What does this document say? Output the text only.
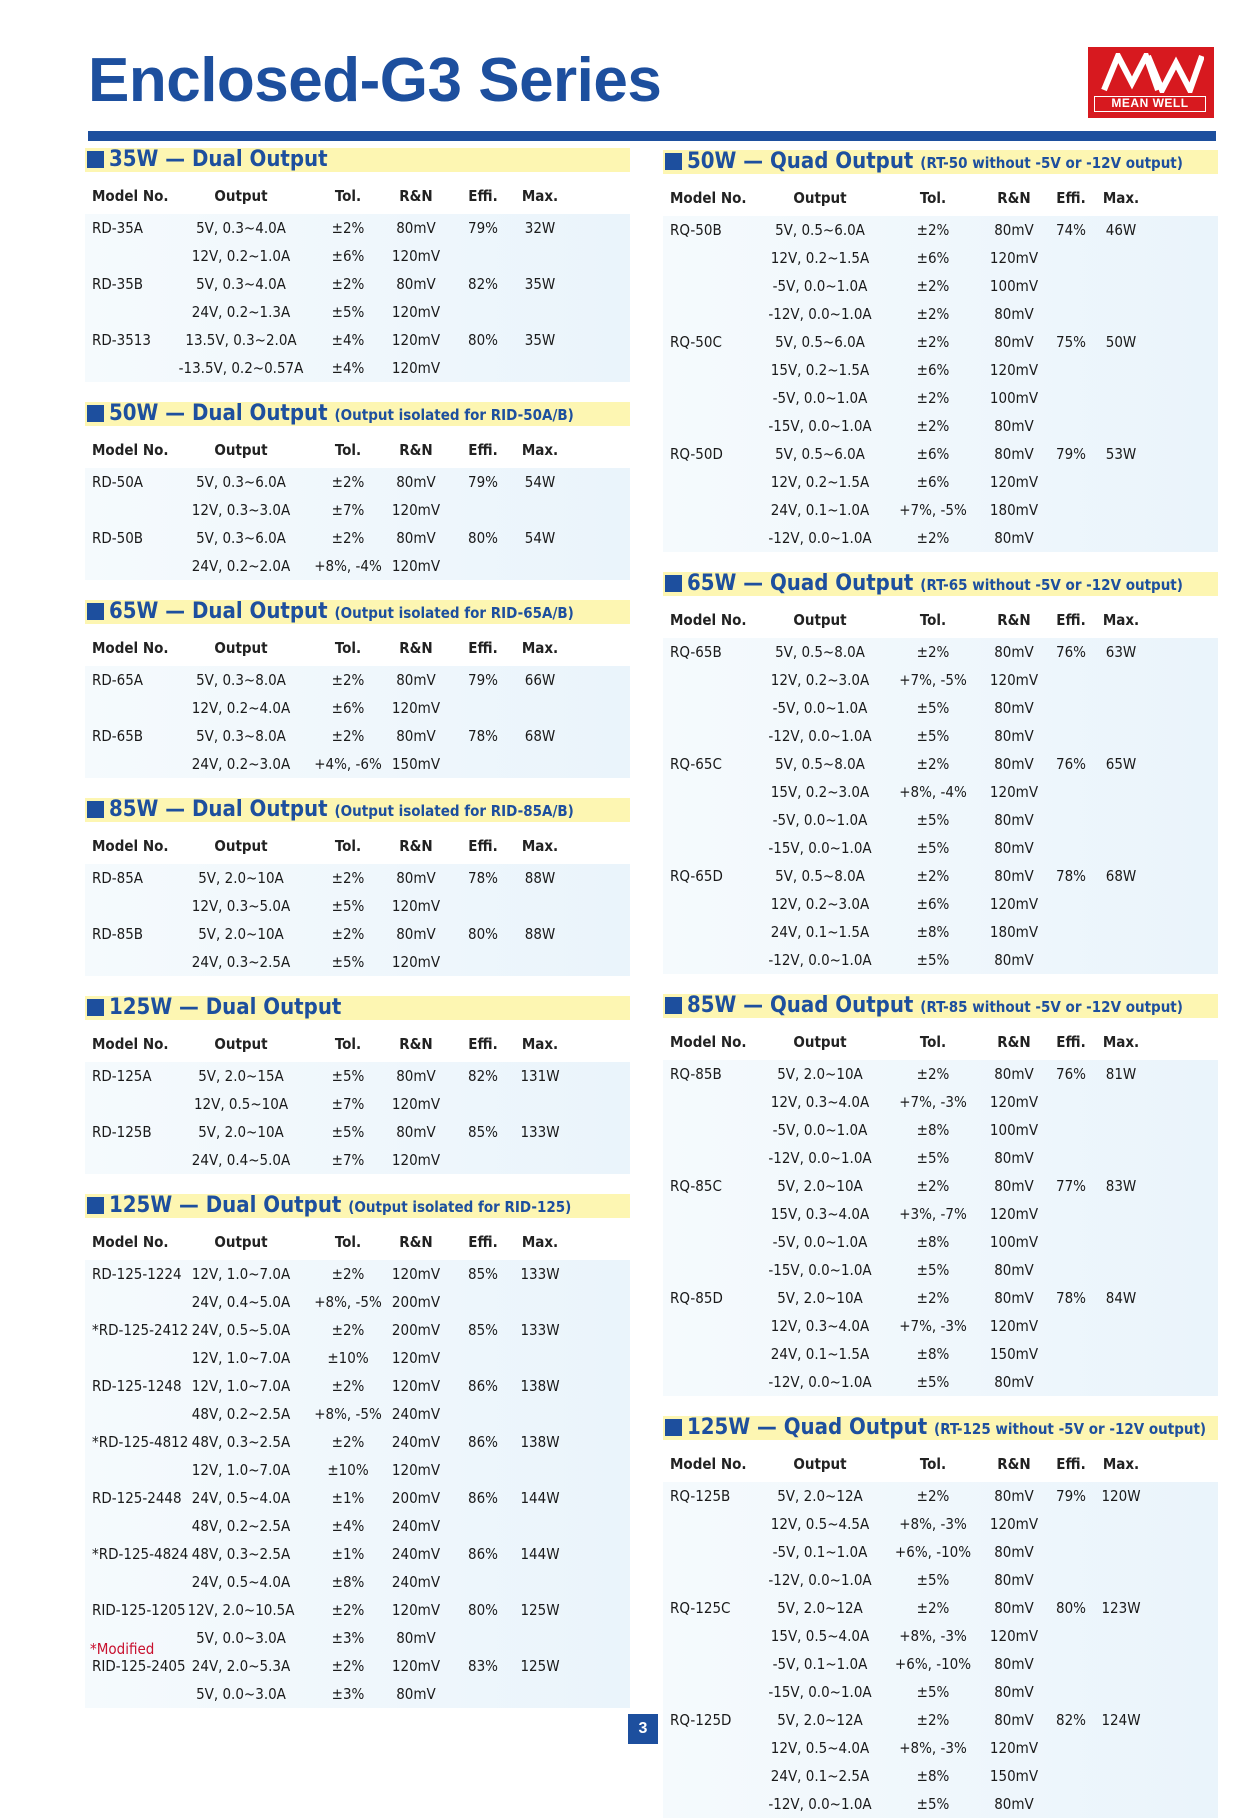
Enclosed-G3 Series	MEAN WELL
35W — Dual Output
Model No.	Output	Tol.	R&N Effi. Max.
RD-35A	5V, 0.3~4.0A	±2% 80mV 79% 32W
12V, 0.2~1.0A	±6% 120mV
RD-35B	5V, 0.3~4.0A	±2% 80mV 82% 35W
24V, 0.2~1.3A	±5% 120mV
RD-3513 13.5V, 0.3~2.0A ±4% 120mV 80% 35W
-13.5V, 0.2~0.57A ±4% 120mV
50W — Dual Output (Output isolated for RID-50A/B)
Model No.	Output	Tol.	R&N Effi. Max.
RD-50A	5V, 0.3~6.0A	±2% 80mV 79% 54W
12V, 0.3~3.0A	±7% 120mV
RD-50B	5V, 0.3~6.0A	±2% 80mV 80% 54W
24V, 0.2~2.0A +8%, -4% 120mV
65W — Dual Output (Output isolated for RID-65A/B)
Model No.	Output	Tol.	R&N Effi. Max.
RD-65A	5V, 0.3~8.0A	±2% 80mV 79% 66W
12V, 0.2~4.0A	±6% 120mV
RD-65B	5V, 0.3~8.0A	±2% 80mV 78% 68W
24V, 0.2~3.0A +4%, -6% 150mV
85W — Dual Output (Output isolated for RID-85A/B)
Model No.	Output	Tol.	R&N Effi. Max.
RD-85A	5V, 2.0~10A	±2% 80mV 78% 88W
12V, 0.3~5.0A	±5% 120mV
RD-85B	5V, 2.0~10A	±2% 80mV 80% 88W
24V, 0.3~2.5A	±5% 120mV
125W — Dual Output
Model No.	Output	Tol.	R&N Effi. Max.
RD-125A	5V, 2.0~15A	±5% 80mV 82% 131W
12V, 0.5~10A	±7% 120mV
RD-125B	5V, 2.0~10A	±5% 80mV 85% 133W
24V, 0.4~5.0A	±7% 120mV
125W — Dual Output (Output isolated for RID-125)
Model No.	Output	Tol.	R&N Effi. Max.
RD-125-1224 12V, 1.0~7.0A	±2% 120mV 85% 133W
24V, 0.4~5.0A +8%, -5% 200mV
*RD-125-2412 24V, 0.5~5.0A	±2% 200mV 85% 133W
12V, 1.0~7.0A ±10% 120mV
RD-125-1248 12V, 1.0~7.0A	±2% 120mV 86% 138W
48V, 0.2~2.5A +8%, -5% 240mV
*RD-125-4812 48V, 0.3~2.5A	±2% 240mV 86% 138W
12V, 1.0~7.0A ±10% 120mV
RD-125-2448 24V, 0.5~4.0A	±1% 200mV 86% 144W
48V, 0.2~2.5A	±4% 240mV
*RD-125-4824 48V, 0.3~2.5A	±1% 240mV 86% 144W
24V, 0.5~4.0A	±8% 240mV
RID-125-1205 12V, 2.0~10.5A ±2% 120mV 80% 125W
5V, 0.0~3.0A	±3% 80mV
RID-125-2405 24V, 2.0~5.3A	±2% 120mV 83% 125W
5V, 0.0~3.0A	±3% 80mV

*Modified

50W — Quad Output (RT-50 without -5V or -12V output)
Model No.	Output	Tol.	R&N Effi. Max.
RQ-50B	5V, 0.5~6.0A	±2%	80mV 74% 46W
12V, 0.2~1.5A	±6%	120mV
-5V, 0.0~1.0A	±2%	100mV
-12V, 0.0~1.0A	±2%	80mV
RQ-50C	5V, 0.5~6.0A	±2%	80mV 75% 50W
15V, 0.2~1.5A	±6%	120mV
-5V, 0.0~1.0A	±2%	100mV
-15V, 0.0~1.0A	±2%	80mV
RQ-50D	5V, 0.5~6.0A	±6%	80mV 79% 53W
12V, 0.2~1.5A	±6%	120mV
24V, 0.1~1.0A +7%, -5% 180mV
-12V, 0.0~1.0A	±2%	80mV
65W — Quad Output (RT-65 without -5V or -12V output)
Model No.	Output	Tol.	R&N Effi. Max.
RQ-65B	5V, 0.5~8.0A	±2%	80mV 76% 63W
12V, 0.2~3.0A +7%, -5% 120mV
-5V, 0.0~1.0A	±5%	80mV
-12V, 0.0~1.0A	±5%	80mV
RQ-65C	5V, 0.5~8.0A	±2%	80mV 76% 65W
15V, 0.2~3.0A +8%, -4% 120mV
-5V, 0.0~1.0A	±5%	80mV
-15V, 0.0~1.0A	±5%	80mV
RQ-65D	5V, 0.5~8.0A	±2%	80mV 78% 68W
12V, 0.2~3.0A	±6%	120mV
24V, 0.1~1.5A	±8%	180mV
-12V, 0.0~1.0A	±5%	80mV
85W — Quad Output (RT-85 without -5V or -12V output)
Model No.	Output	Tol.	R&N Effi. Max.
RQ-85B	5V, 2.0~10A	±2%	80mV 76% 81W
12V, 0.3~4.0A +7%, -3% 120mV
-5V, 0.0~1.0A	±8%	100mV
-12V, 0.0~1.0A	±5%	80mV
RQ-85C	5V, 2.0~10A	±2%	80mV 77% 83W
15V, 0.3~4.0A +3%, -7% 120mV
-5V, 0.0~1.0A	±8%	100mV
-15V, 0.0~1.0A	±5%	80mV
RQ-85D	5V, 2.0~10A	±2%	80mV 78% 84W
12V, 0.3~4.0A +7%, -3% 120mV
24V, 0.1~1.5A	±8%	150mV
-12V, 0.0~1.0A	±5%	80mV
125W — Quad Output (RT-125 without -5V or -12V output)
Model No.	Output	Tol.	R&N Effi. Max.
RQ-125B	5V, 2.0~12A	±2%	80mV 79% 120W
12V, 0.5~4.5A +8%, -3% 120mV
-5V, 0.1~1.0A +6%, -10% 80mV
-12V, 0.0~1.0A	±5%	80mV
RQ-125C	5V, 2.0~12A	±2%	80mV 80% 123W
15V, 0.5~4.0A +8%, -3% 120mV
-5V, 0.1~1.0A +6%, -10% 80mV
-15V, 0.0~1.0A	±5%	80mV
RQ-125D	5V, 2.0~12A	±2%	80mV 82% 124W
12V, 0.5~4.0A +8%, -3% 120mV
24V, 0.1~2.5A	±8%	150mV
-12V, 0.0~1.0A	±5%	80mV
3
